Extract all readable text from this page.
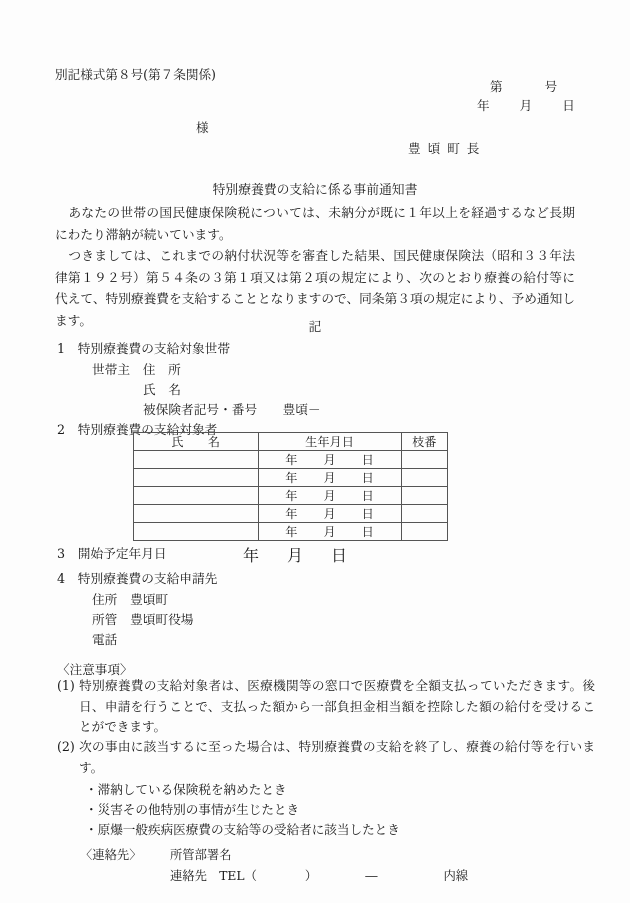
別記様式第８号(第７条関係)
第	号
年 月 日
様
豊頃町長
特別療養費の支給に係る事前通知書
あなたの世帯の国民健康保険税については、未納分が既に１年以上を経過するなど長期にわたり滞納が続いています。
つきましては、これまでの納付状況等を審査した結果、国民健康保険法（昭和３３年法律第１９２号）第５４条の３第１項又は第２項の規定により、次のとおり療養の給付等に代えて、特別療養費を支給することとなりますので、同条第３項の規定により、予め通知します。	記
1　 特別療養費の支給対象世帯
世帯主　 住　所
氏　名
被保険者記号・番号　　 豊頃－
2　 特別療養費の支給対象者
氏　　名	生年月日	枝番
	年 月 日	
	年 月 日	
	年 月 日	
	年 月 日	
	年 月 日	
3　 開始予定年月日	年 月 日
4　 特別療養費の支給申請先
住所　 豊頃町
所管　 豊頃町役場
電話　
〈注意事項〉
(1) 特別療養費の支給対象者は、医療機関等の窓口で医療費を全額支払っていただきます。後日、申請を行うことで、支払った額から一部負担金相当額を控除した額の給付を受けることができます。
(2) 次の事由に該当するに至った場合は、特別療養費の支給を終了し、療養の給付等を行います。
・滞納している保険税を納めたとき
・災害その他特別の事情が生じたとき
・原爆一般疾病医療費の支給等の受給者に該当したとき
〈連絡先〉 所管部署名
連絡先　 TEL（	）	―	内線
